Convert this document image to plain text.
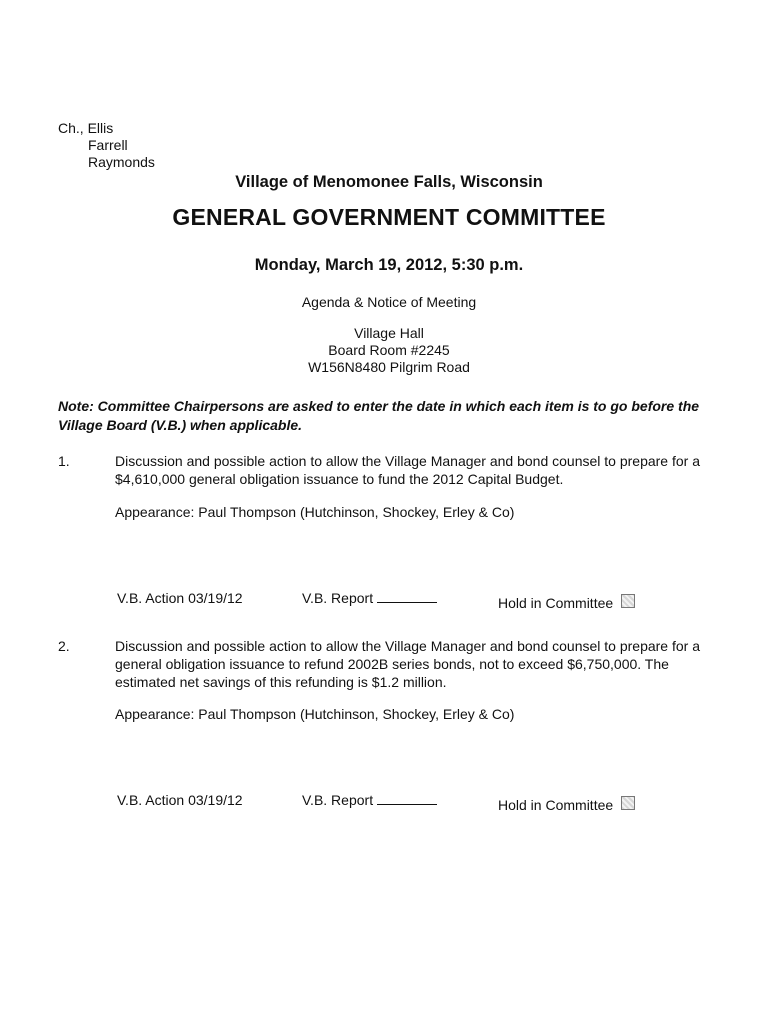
Ch., Ellis
Farrell
Raymonds
Village of Menomonee Falls, Wisconsin
GENERAL GOVERNMENT COMMITTEE
Monday, March 19, 2012, 5:30 p.m.
Agenda & Notice of Meeting
Village Hall
Board Room #2245
W156N8480 Pilgrim Road
Note: Committee Chairpersons are asked to enter the date in which each item is to go before the Village Board (V.B.) when applicable.
1.	Discussion and possible action to allow the Village Manager and bond counsel to prepare for a $4,610,000 general obligation issuance to fund the 2012 Capital Budget.
Appearance: Paul Thompson (Hutchinson, Shockey, Erley & Co)
V.B. Action 03/19/12	V.B. Report	Hold in Committee
2.	Discussion and possible action to allow the Village Manager and bond counsel to prepare for a general obligation issuance to refund 2002B series bonds, not to exceed $6,750,000. The estimated net savings of this refunding is $1.2 million.
Appearance: Paul Thompson (Hutchinson, Shockey, Erley & Co)
V.B. Action 03/19/12	V.B. Report	Hold in Committee
